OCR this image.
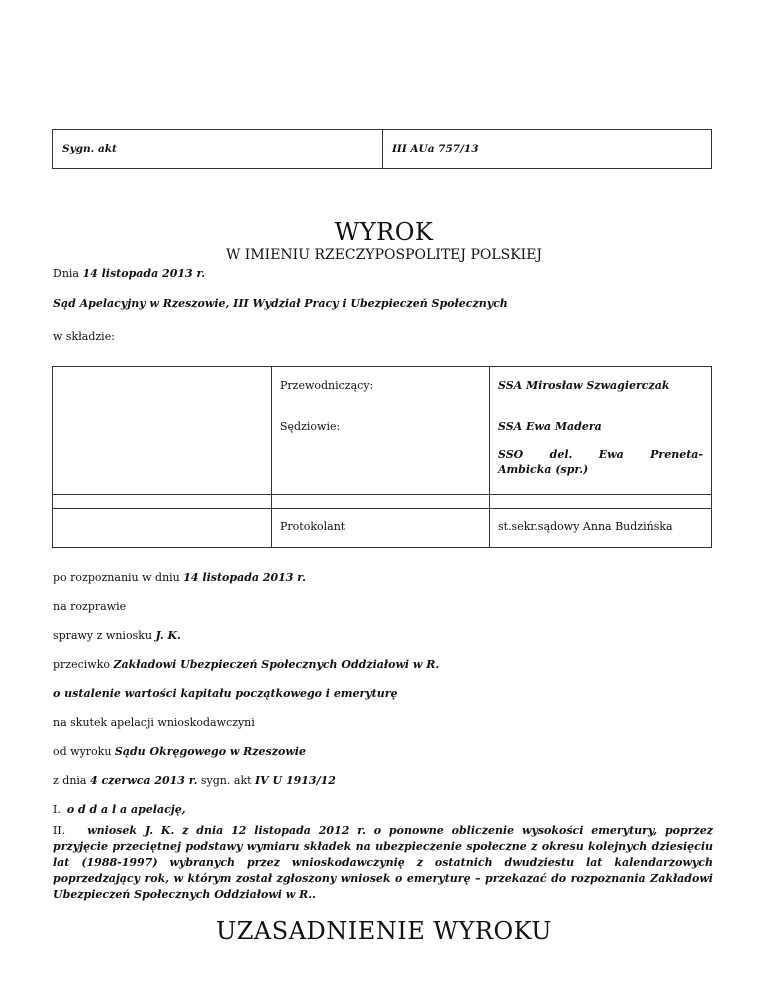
Sygn. akt	III AUa 757/13
WYROK
W IMIENIU RZECZYPOSPOLITEJ POLSKIEJ
Dnia 14 listopada 2013 r.
Sąd Apelacyjny w Rzeszowie, III Wydział Pracy i Ubezpieczeń Społecznych
w składzie:
Przewodniczący:	SSA Mirosław Szwagierczak
Sędziowie:	SSA Ewa Madera
SSO del. Ewa Preneta-
Ambicka (spr.)
Protokolant	st.sekr.sądowy Anna Budzińska
po rozpoznaniu w dniu 14 listopada 2013 r.
na rozprawie
sprawy z wniosku J. K.
przeciwko Zakładowi Ubezpieczeń Społecznych Oddziałowi w R.
o ustalenie wartości kapitału początkowego i emeryturę
na skutek apelacji wnioskodawczyni
od wyroku Sądu Okręgowego w Rzeszowie
z dnia 4 czerwca 2013 r. sygn. akt IV U 1913/12
I. o d d a l a apelację,
II. wniosek J. K. z dnia 12 listopada 2012 r. o ponowne obliczenie wysokości emerytury, poprzez przyjęcie przeciętnej podstawy wymiaru składek na ubezpieczenie społeczne z okresu kolejnych dziesięciu lat (1988-1997) wybranych przez wnioskodawczynię z ostatnich dwudziestu lat kalendarzowych poprzedzający rok, w którym został zgłoszony wniosek o emeryturę – przekazać do rozpoznania Zakładowi Ubezpieczeń Społecznych Oddziałowi w R..
UZASADNIENIE WYROKU
